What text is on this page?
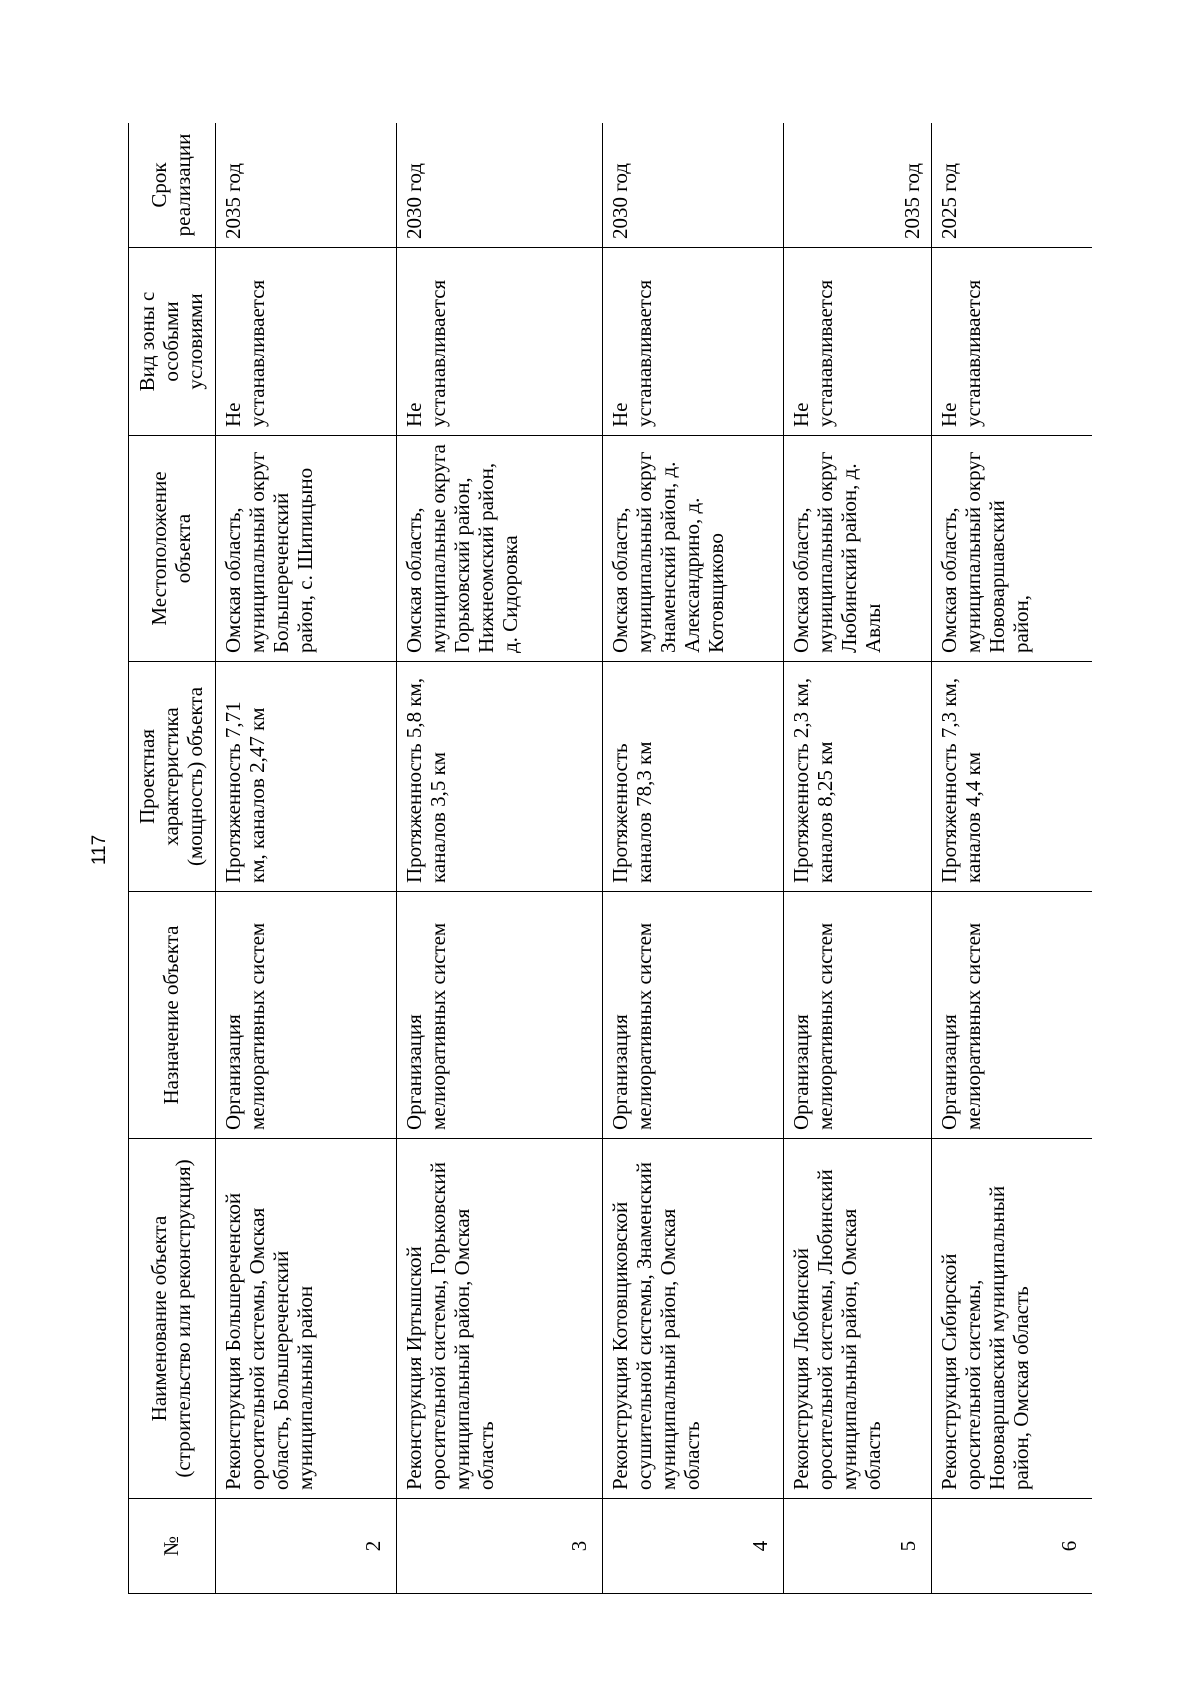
117
№	Наименование объекта (строительство или реконструкция)	Назначение объекта	Проектная характеристика (мощность) объекта	Местоположение объекта	Вид зоны с особыми условиями	Срок реализации
2	Реконструкция Большереченской оросительной системы, Омская область, Большереченский муниципальный район	Организация мелиоративных систем	Протяженность 7,71 км, каналов 2,47 км	Омская область, муниципальный округ Большереченский район, с. Шипицыно	Не устанавливается	2035 год
3	Реконструкция Иртышской оросительной системы, Горьковский муниципальный район, Омская область	Организация мелиоративных систем	Протяженность 5,8 км, каналов 3,5 км	Омская область, муниципальные округа Горьковский район, Нижнеомский район, д. Сидоровка	Не устанавливается	2030 год
4	Реконструкция Котовщиковской осушительной системы, Знаменский муниципальный район, Омская область	Организация мелиоративных систем	Протяженность каналов 78,3 км	Омская область, муниципальный округ Знаменский район, д. Александрино, д. Котовщиково	Не устанавливается	2030 год
5	Реконструкция Любинской оросительной системы, Любинский муниципальный район, Омская область	Организация мелиоративных систем	Протяженность 2,3 км, каналов 8,25 км	Омская область, муниципальный округ Любинский район, д. Авлы	Не устанавливается	2035 год
6	Реконструкция Сибирской оросительной системы, Нововаршавский муниципальный район, Омская область	Организация мелиоративных систем	Протяженность 7,3 км, каналов 4,4 км	Омская область, муниципальный округ Нововаршавский район,	Не устанавливается	2025 год
